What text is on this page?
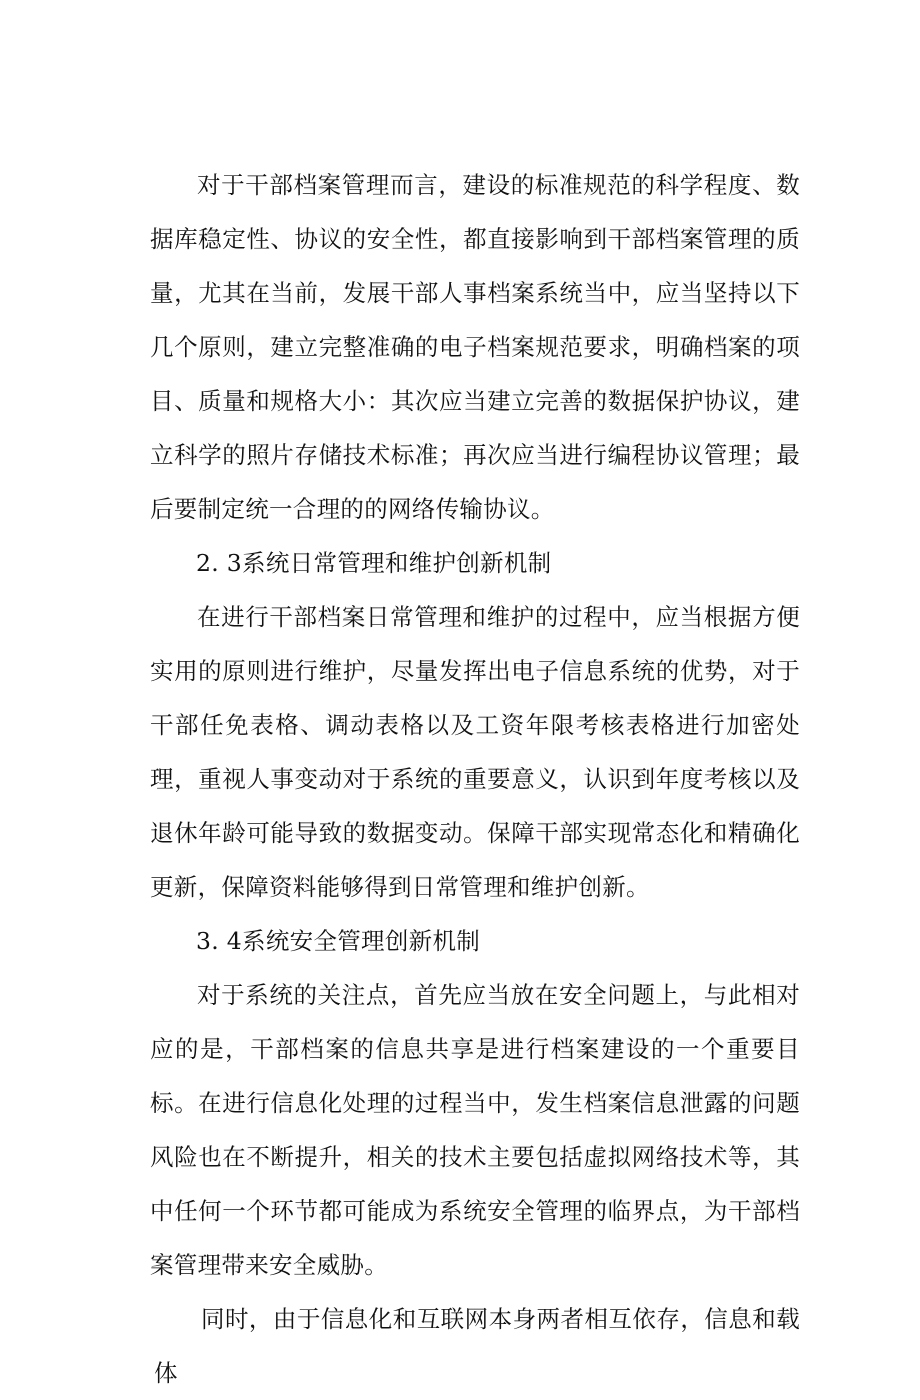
对于干部档案管理而言，建设的标准规范的科学程度、数据库稳定性、协议的安全性，都直接影响到干部档案管理的质量，尤其在当前，发展干部人事档案系统当中，应当坚持以下几个原则，建立完整准确的电子档案规范要求，明确档案的项目、质量和规格大小：其次应当建立完善的数据保护协议，建立科学的照片存储技术标准；再次应当进行编程协议管理；最后要制定统一合理的的网络传输协议。

2. 3系统日常管理和维护创新机制

在进行干部档案日常管理和维护的过程中，应当根据方便实用的原则进行维护，尽量发挥出电子信息系统的优势，对于干部任免表格、调动表格以及工资年限考核表格进行加密处理，重视人事变动对于系统的重要意义，认识到年度考核以及退休年龄可能导致的数据变动。保障干部实现常态化和精确化更新，保障资料能够得到日常管理和维护创新。

3. 4系统安全管理创新机制

对于系统的关注点，首先应当放在安全问题上，与此相对应的是，干部档案的信息共享是进行档案建设的一个重要目标。在进行信息化处理的过程当中，发生档案信息泄露的问题风险也在不断提升，相关的技术主要包括虚拟网络技术等，其中任何一个环节都可能成为系统安全管理的临界点，为干部档案管理带来安全威胁。

同时，由于信息化和互联网本身两者相互依存，信息和载体
